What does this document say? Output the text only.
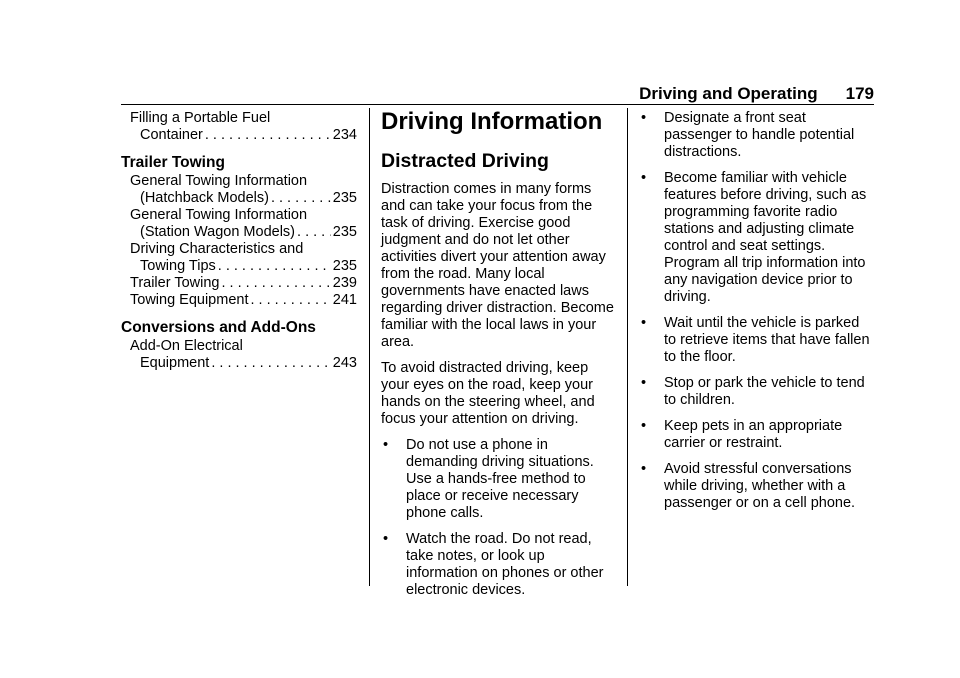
Driving and Operating 179
Filling a Portable Fuel
Container . . .	234
Trailer Towing
General Towing Information
(Hatchback Models) . . .	235
General Towing Information
(Station Wagon Models) . . .	235
Driving Characteristics and
Towing Tips . . .	235
Trailer Towing . . .	239
Towing Equipment . . .	241
Conversions and Add-Ons
Add-On Electrical
Equipment . . .	243
Driving Information
Distracted Driving

Distraction comes in many forms and can take your focus from the task of driving. Exercise good judgment and do not let other activities divert your attention away from the road. Many local governments have enacted laws regarding driver distraction. Become familiar with the local laws in your area.

To avoid distracted driving, keep your eyes on the road, keep your hands on the steering wheel, and focus your attention on driving.

•	Do not use a phone in demanding driving situations. Use a hands-free method to place or receive necessary phone calls.
•	Watch the road. Do not read, take notes, or look up information on phones or other electronic devices.
•	Designate a front seat passenger to handle potential distractions.
•	Become familiar with vehicle features before driving, such as programming favorite radio stations and adjusting climate control and seat settings. Program all trip information into any navigation device prior to driving.
•	Wait until the vehicle is parked to retrieve items that have fallen to the floor.
•	Stop or park the vehicle to tend to children.
•	Keep pets in an appropriate carrier or restraint.
•	Avoid stressful conversations while driving, whether with a passenger or on a cell phone.
